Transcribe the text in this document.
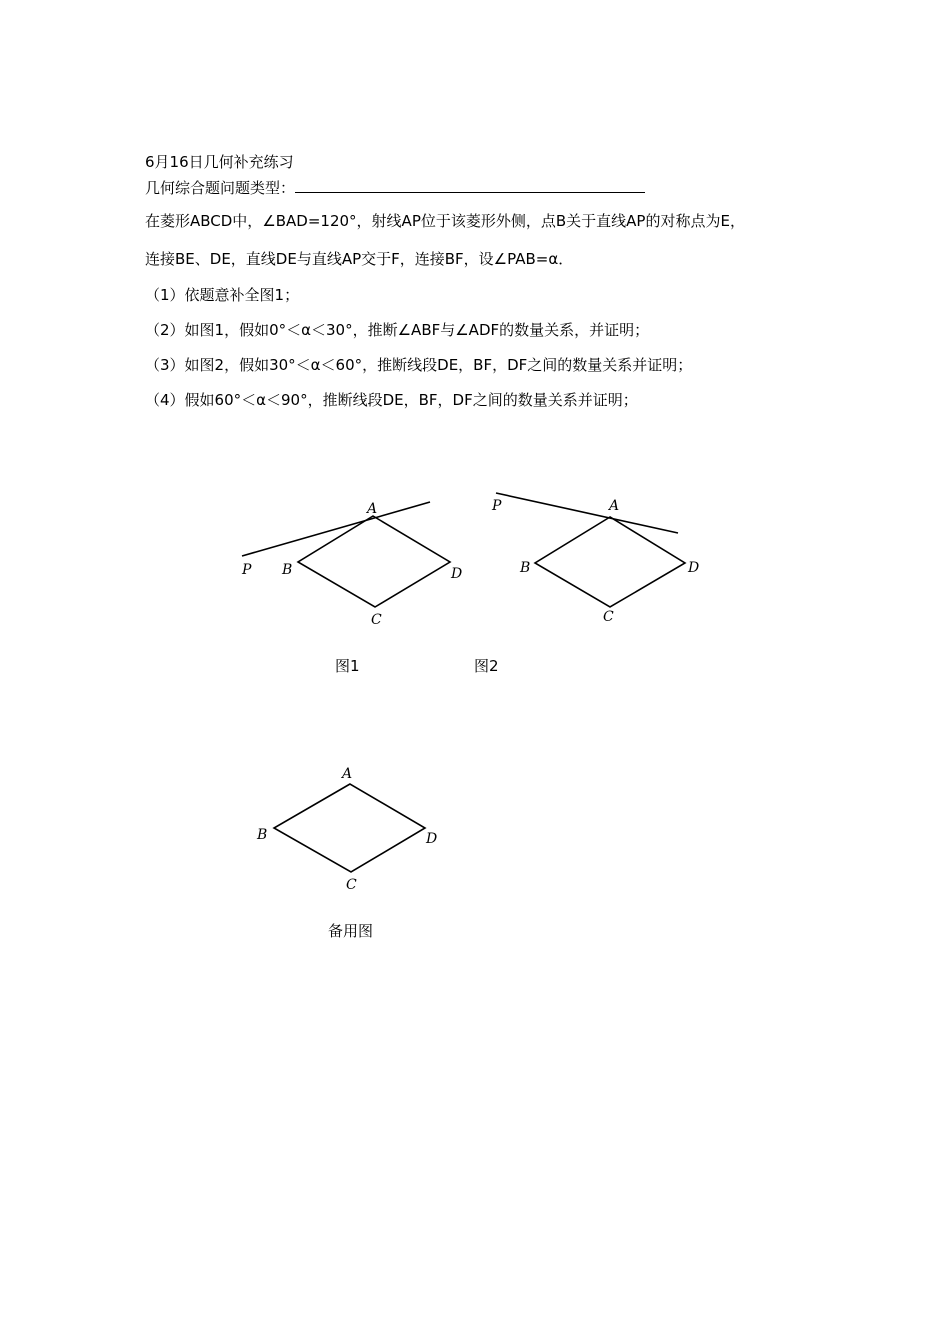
6月16日几何补充练习
几何综合题问题类型：
在菱形ABCD中，∠BAD=120°，射线AP位于该菱形外侧，点B关于直线AP的对称点为E，
连接BE、DE，直线DE与直线AP交于F，连接BF，设∠PAB=α．
（1）依题意补全图1；
（2）如图1，假如0°＜α＜30°，推断∠ABF与∠ADF的数量关系，并证明；
（3）如图2，假如30°＜α＜60°，推断线段DE，BF，DF之间的数量关系并证明；
（4）假如60°＜α＜90°，推断线段DE，BF，DF之间的数量关系并证明；
A
B
C
D
P
A
B
C
D
P
A
B
C
D
图1	图2
备用图
